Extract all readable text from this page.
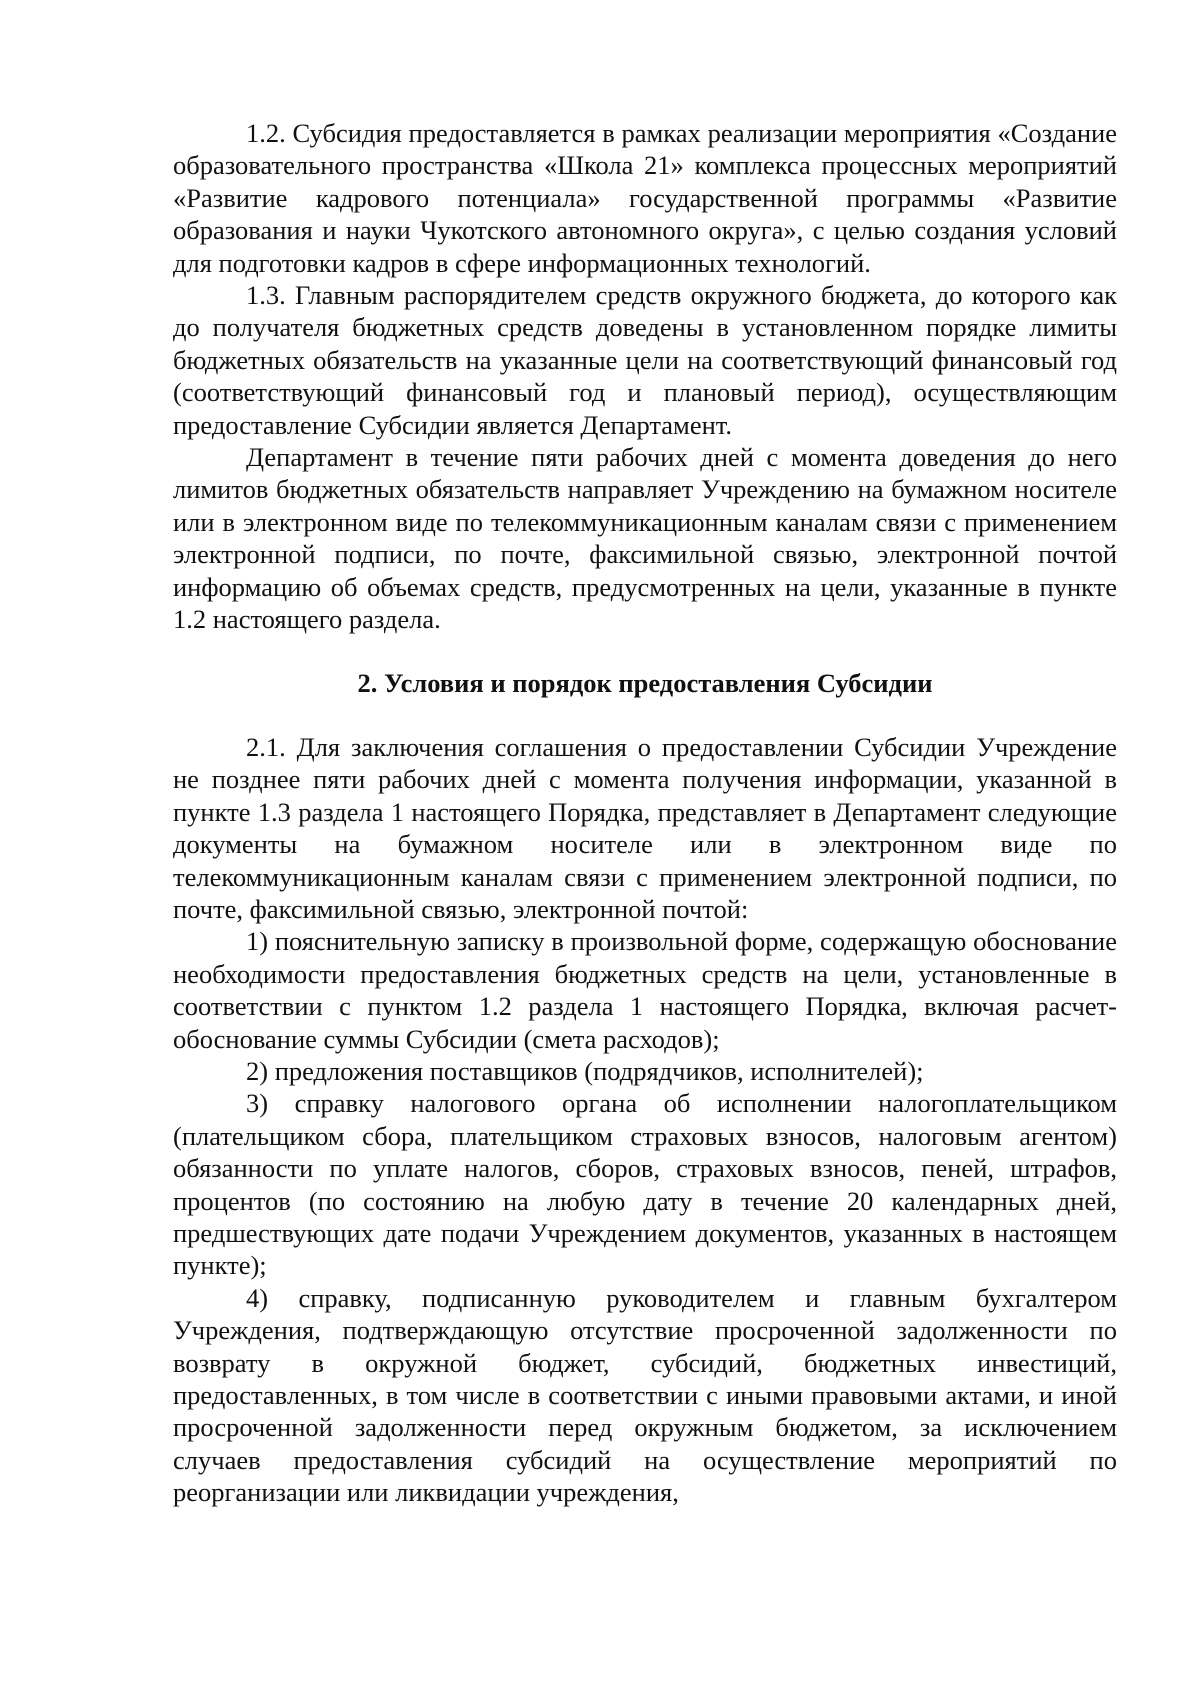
1.2. Субсидия предоставляется в рамках реализации мероприятия «Создание образовательного пространства «Школа 21» комплекса процессных мероприятий «Развитие кадрового потенциала» государственной программы «Развитие образования и науки Чукотского автономного округа», с целью создания условий для подготовки кадров в сфере информационных технологий.

1.3. Главным распорядителем средств окружного бюджета, до которого как до получателя бюджетных средств доведены в установленном порядке лимиты бюджетных обязательств на указанные цели на соответствующий финансовый год (соответствующий финансовый год и плановый период), осуществляющим предоставление Субсидии является Департамент.

Департамент в течение пяти рабочих дней с момента доведения до него лимитов бюджетных обязательств направляет Учреждению на бумажном носителе или в электронном виде по телекоммуникационным каналам связи с применением электронной подписи, по почте, факсимильной связью, электронной почтой информацию об объемах средств, предусмотренных на цели, указанные в пункте 1.2 настоящего раздела.

2. Условия и порядок предоставления Субсидии

2.1. Для заключения соглашения о предоставлении Субсидии Учреждение не позднее пяти рабочих дней с момента получения информации, указанной в пункте 1.3 раздела 1 настоящего Порядка, представляет в Департамент следующие документы на бумажном носителе или в электронном виде по телекоммуникационным каналам связи с применением электронной подписи, по почте, факсимильной связью, электронной почтой:

1) пояснительную записку в произвольной форме, содержащую обоснование необходимости предоставления бюджетных средств на цели, установленные в соответствии с пунктом 1.2 раздела 1 настоящего Порядка, включая расчет-обоснование суммы Субсидии (смета расходов);

2) предложения поставщиков (подрядчиков, исполнителей);

3) справку налогового органа об исполнении налогоплательщиком (плательщиком сбора, плательщиком страховых взносов, налоговым агентом) обязанности по уплате налогов, сборов, страховых взносов, пеней, штрафов, процентов (по состоянию на любую дату в течение 20 календарных дней, предшествующих дате подачи Учреждением документов, указанных в настоящем пункте);

4) справку, подписанную руководителем и главным бухгалтером Учреждения, подтверждающую отсутствие просроченной задолженности по возврату в окружной бюджет, субсидий, бюджетных инвестиций, предоставленных, в том числе в соответствии с иными правовыми актами, и иной просроченной задолженности перед окружным бюджетом, за исключением случаев предоставления субсидий на осуществление мероприятий по реорганизации или ликвидации учреждения,
